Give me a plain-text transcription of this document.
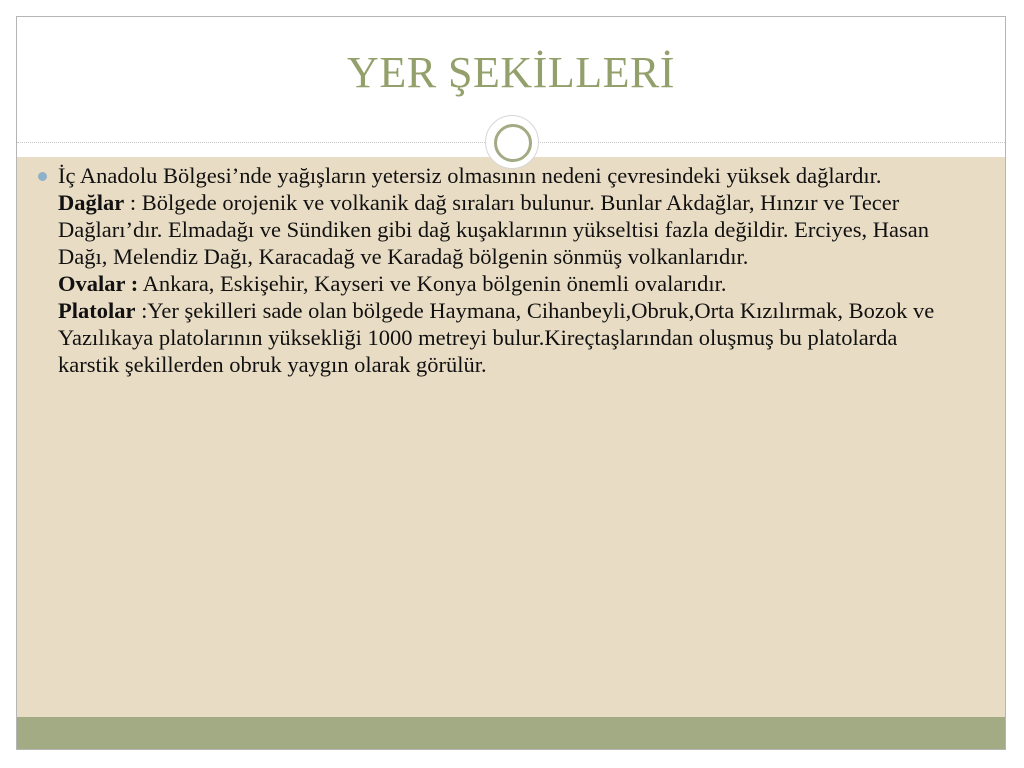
YER ŞEKİLLERİ
İç Anadolu Bölgesi’nde yağışların yetersiz olmasının nedeni çevresindeki yüksek dağlardır.
Dağlar : Bölgede orojenik ve volkanik dağ sıraları bulunur. Bunlar Akdağlar, Hınzır ve Tecer Dağları’dır. Elmadağı ve Sündiken gibi dağ kuşaklarının yükseltisi fazla değildir. Erciyes, Hasan Dağı, Melendiz Dağı, Karacadağ ve Karadağ bölgenin sönmüş volkanlarıdır.
Ovalar : Ankara, Eskişehir, Kayseri ve Konya bölgenin önemli ovalarıdır.
Platolar :Yer şekilleri sade olan bölgede Haymana, Cihanbeyli,Obruk,Orta Kızılırmak, Bozok ve Yazılıkaya platolarının yüksekliği 1000 metreyi bulur.Kireçtaşlarından oluşmuş bu platolarda karstik şekillerden obruk yaygın olarak görülür.
